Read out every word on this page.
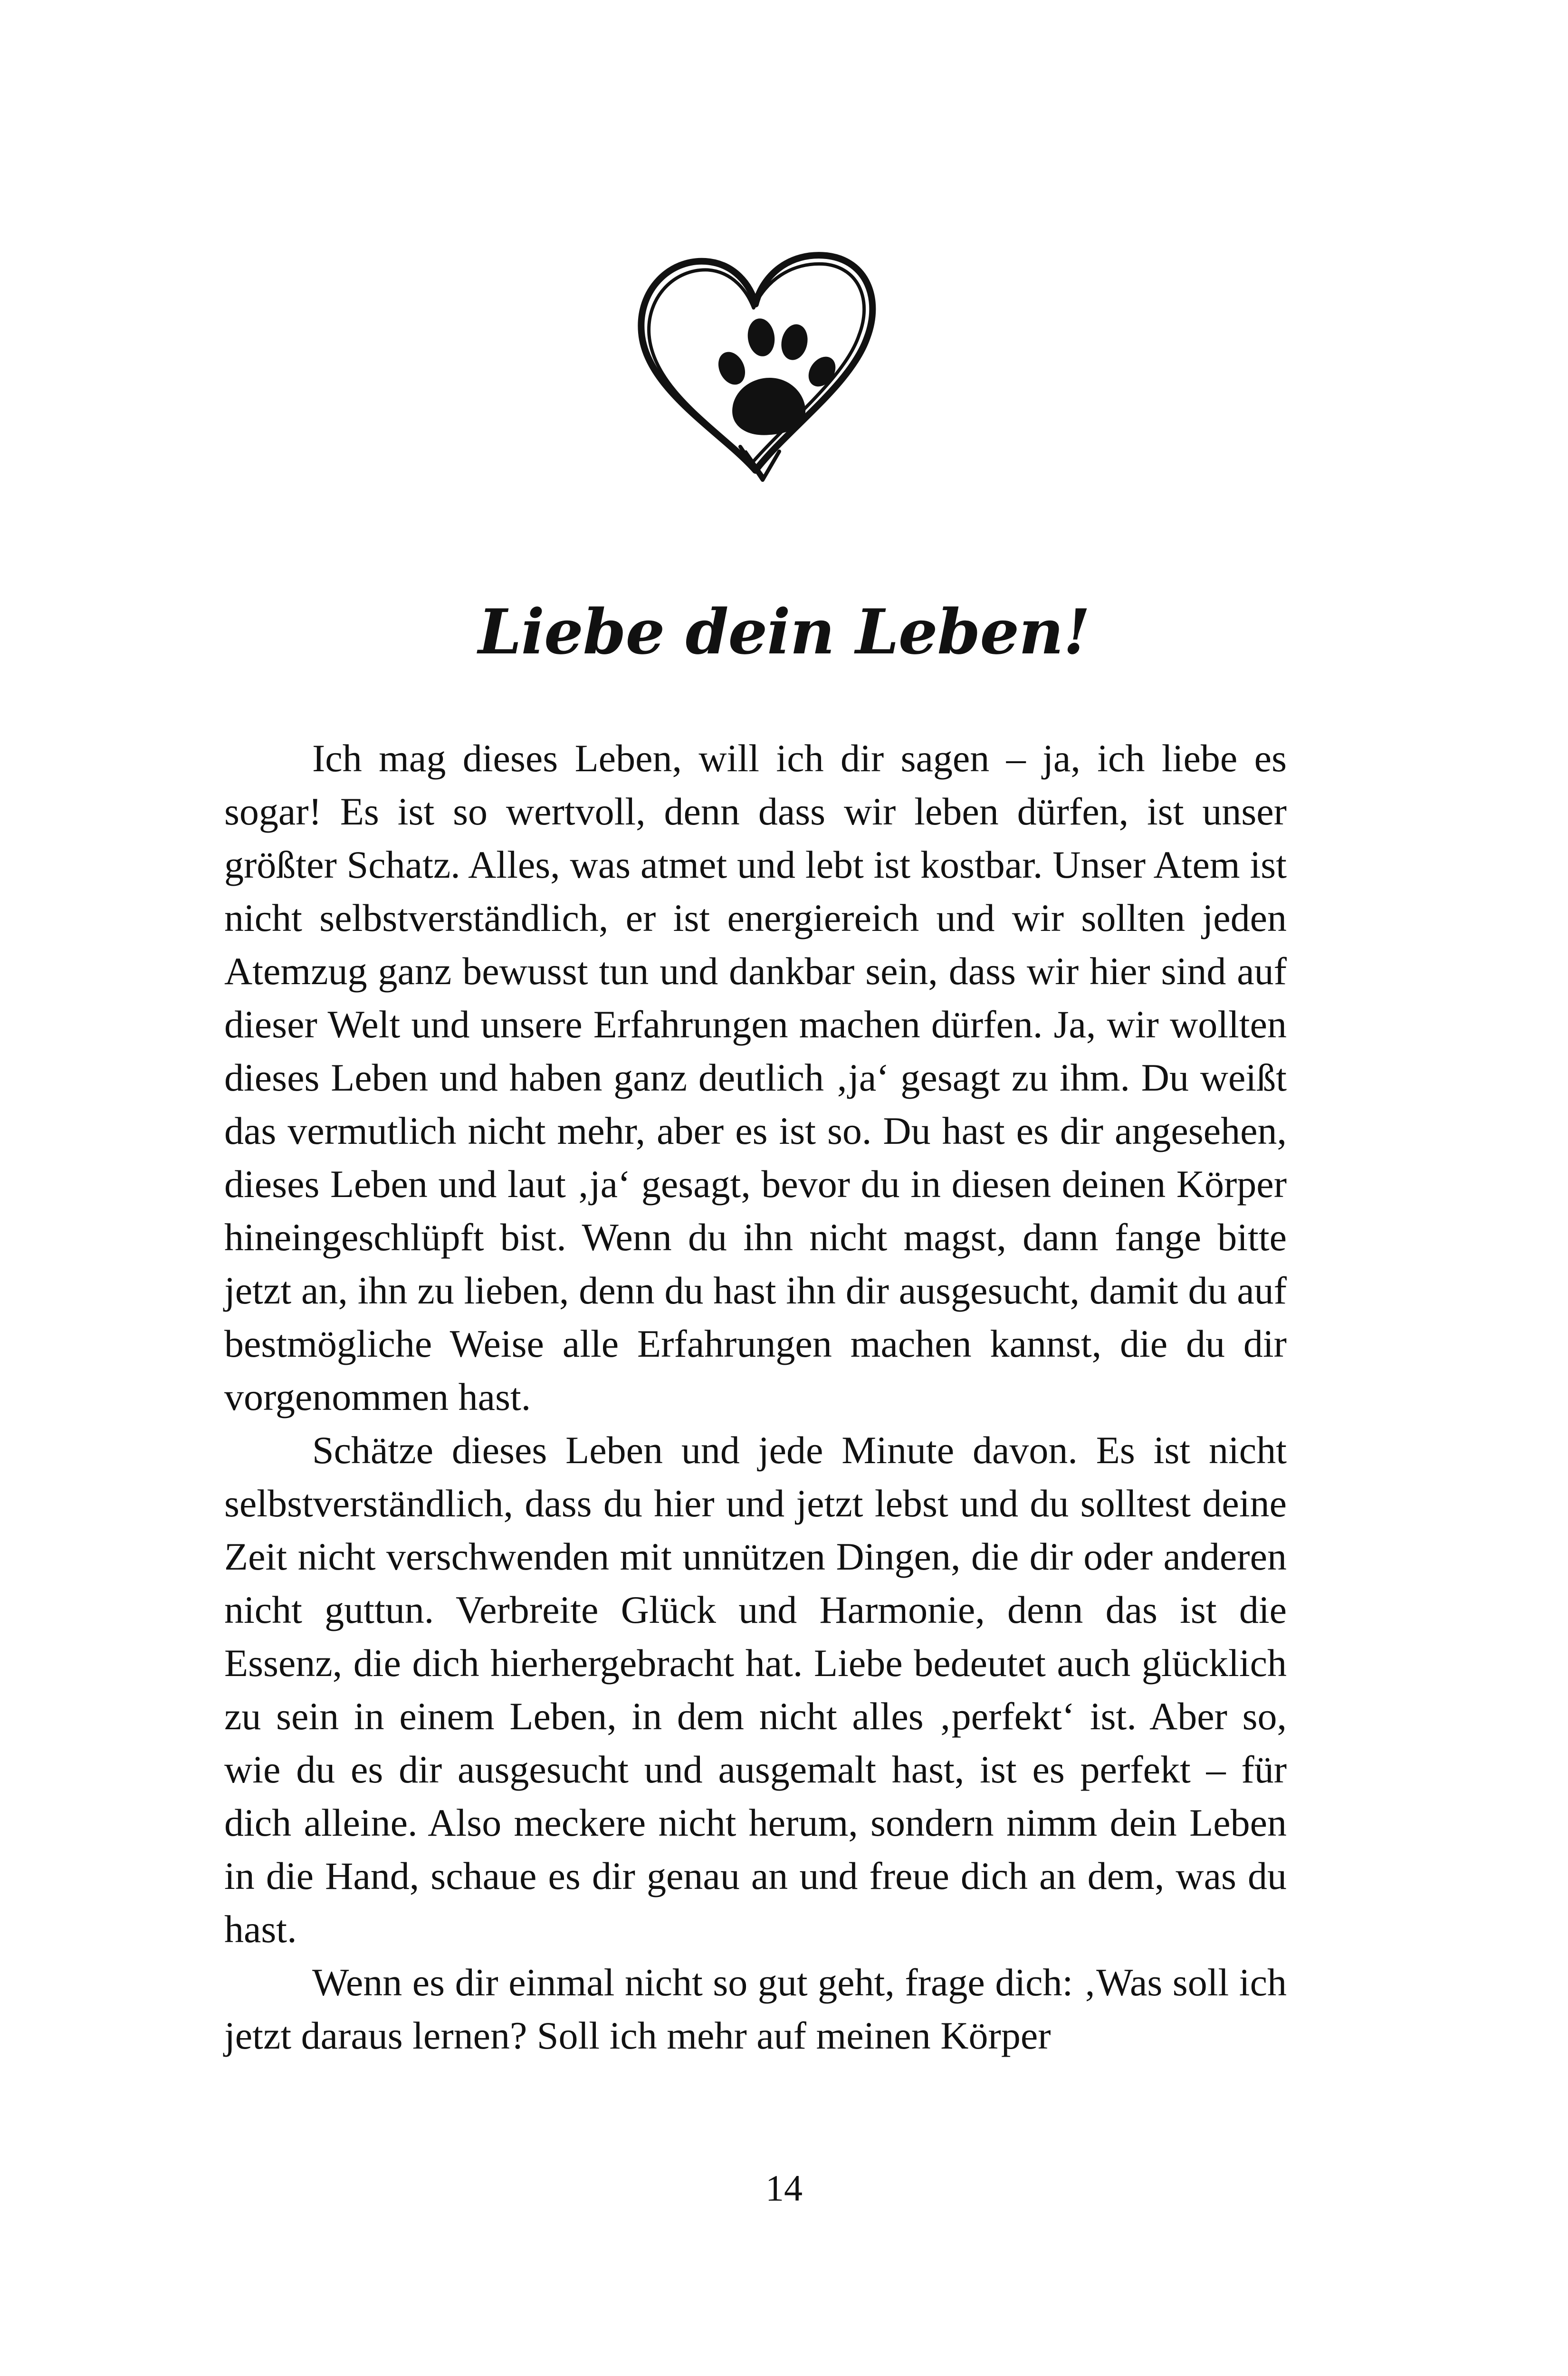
Liebe dein Leben!

Ich mag dieses Leben, will ich dir sagen – ja, ich liebe es sogar! Es ist so wertvoll, denn dass wir leben dürfen, ist unser größter Schatz. Alles, was atmet und lebt ist kostbar. Unser Atem ist nicht selbstverständlich, er ist energiereich und wir sollten jeden Atemzug ganz bewusst tun und dankbar sein, dass wir hier sind auf dieser Welt und unsere Erfahrungen machen dürfen. Ja, wir wollten dieses Leben und haben ganz deutlich ‚ja‘ gesagt zu ihm. Du weißt das vermutlich nicht mehr, aber es ist so. Du hast es dir angesehen, dieses Leben und laut ‚ja‘ gesagt, bevor du in diesen deinen Körper hineingeschlüpft bist. Wenn du ihn nicht magst, dann fange bitte jetzt an, ihn zu lieben, denn du hast ihn dir ausgesucht, damit du auf bestmögliche Weise alle Erfahrungen machen kannst, die du dir vorgenommen hast.

Schätze dieses Leben und jede Minute davon. Es ist nicht selbstverständlich, dass du hier und jetzt lebst und du solltest deine Zeit nicht verschwenden mit unnützen Dingen, die dir oder anderen nicht guttun. Verbreite Glück und Harmonie, denn das ist die Essenz, die dich hierhergebracht hat. Liebe bedeutet auch glücklich zu sein in einem Leben, in dem nicht alles ‚perfekt‘ ist. Aber so, wie du es dir ausgesucht und ausgemalt hast, ist es perfekt – für dich alleine. Also meckere nicht herum, sondern nimm dein Leben in die Hand, schaue es dir genau an und freue dich an dem, was du hast.

Wenn es dir einmal nicht so gut geht, frage dich: ‚Was soll ich jetzt daraus lernen? Soll ich mehr auf meinen Körper

14
